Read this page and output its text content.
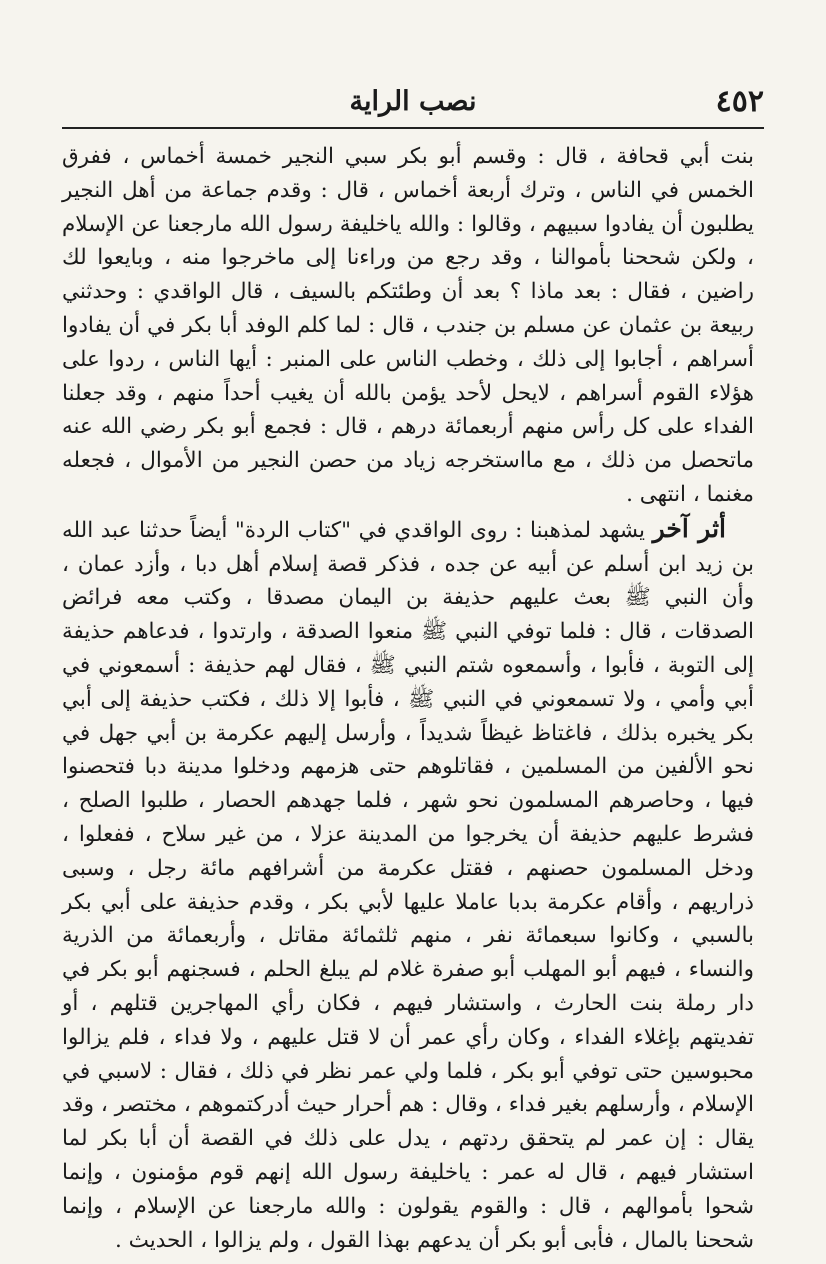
٤٥٢
نصب الراية

بنت أبي قحافة ، قال : وقسم أبو بكر سبي النجير خمسة أخماس ، ففرق الخمس في الناس ، وترك أربعة أخماس ، قال : وقدم جماعة من أهل النجير يطلبون أن يفادوا سبيهم ، وقالوا : والله ياخليفة رسول الله مارجعنا عن الإسلام ، ولكن شححنا بأموالنا ، وقد رجع من وراءنا إلى ماخرجوا منه ، وبايعوا لك راضين ، فقال : بعد ماذا ؟ بعد أن وطئتكم بالسيف ، قال الواقدي : وحدثني ربيعة بن عثمان عن مسلم بن جندب ، قال : لما كلم الوفد أبا بكر في أن يفادوا أسراهم ، أجابوا إلى ذلك ، وخطب الناس على المنبر : أيها الناس ، ردوا على هؤلاء القوم أسراهم ، لايحل لأحد يؤمن بالله أن يغيب أحداً منهم ، وقد جعلنا الفداء على كل رأس منهم أربعمائة درهم ، قال : فجمع أبو بكر رضي الله عنه ماتحصل من ذلك ، مع مااستخرجه زياد من حصن النجير من الأموال ، فجعله مغنما ، انتهى .

أثر آخر يشهد لمذهبنا : روى الواقدي في "كتاب الردة" أيضاً حدثنا عبد الله بن زيد ابن أسلم عن أبيه عن جده ، فذكر قصة إسلام أهل دبا ، وأزد عمان ، وأن النبي ﷺ بعث عليهم حذيفة بن اليمان مصدقا ، وكتب معه فرائض الصدقات ، قال : فلما توفي النبي ﷺ منعوا الصدقة ، وارتدوا ، فدعاهم حذيفة إلى التوبة ، فأبوا ، وأسمعوه شتم النبي ﷺ ، فقال لهم حذيفة : أسمعوني في أبي وأمي ، ولا تسمعوني في النبي ﷺ ، فأبوا إلا ذلك ، فكتب حذيفة إلى أبي بكر يخبره بذلك ، فاغتاظ غيظاً شديداً ، وأرسل إليهم عكرمة بن أبي جهل في نحو الألفين من المسلمين ، فقاتلوهم حتى هزمهم ودخلوا مدينة دبا فتحصنوا فيها ، وحاصرهم المسلمون نحو شهر ، فلما جهدهم الحصار ، طلبوا الصلح ، فشرط عليهم حذيفة أن يخرجوا من المدينة عزلا ، من غير سلاح ، ففعلوا ، ودخل المسلمون حصنهم ، فقتل عكرمة من أشرافهم مائة رجل ، وسبى ذراريهم ، وأقام عكرمة بدبا عاملا عليها لأبي بكر ، وقدم حذيفة على أبي بكر بالسبي ، وكانوا سبعمائة نفر ، منهم ثلثمائة مقاتل ، وأربعمائة من الذرية والنساء ، فيهم أبو المهلب أبو صفرة غلام لم يبلغ الحلم ، فسجنهم أبو بكر في دار رملة بنت الحارث ، واستشار فيهم ، فكان رأي المهاجرين قتلهم ، أو تفديتهم بإغلاء الفداء ، وكان رأي عمر أن لا قتل عليهم ، ولا فداء ، فلم يزالوا محبوسين حتى توفي أبو بكر ، فلما ولي عمر نظر في ذلك ، فقال : لاسبي في الإسلام ، وأرسلهم بغير فداء ، وقال : هم أحرار حيث أدركتموهم ، مختصر ، وقد يقال : إن عمر لم يتحقق ردتهم ، يدل على ذلك في القصة أن أبا بكر لما استشار فيهم ، قال له عمر : ياخليفة رسول الله إنهم قوم مؤمنون ، وإنما شحوا بأموالهم ، قال : والقوم يقولون : والله مارجعنا عن الإسلام ، وإنما شححنا بالمال ، فأبى أبو بكر أن يدعهم بهذا القول ، ولم يزالوا ، الحديث .
